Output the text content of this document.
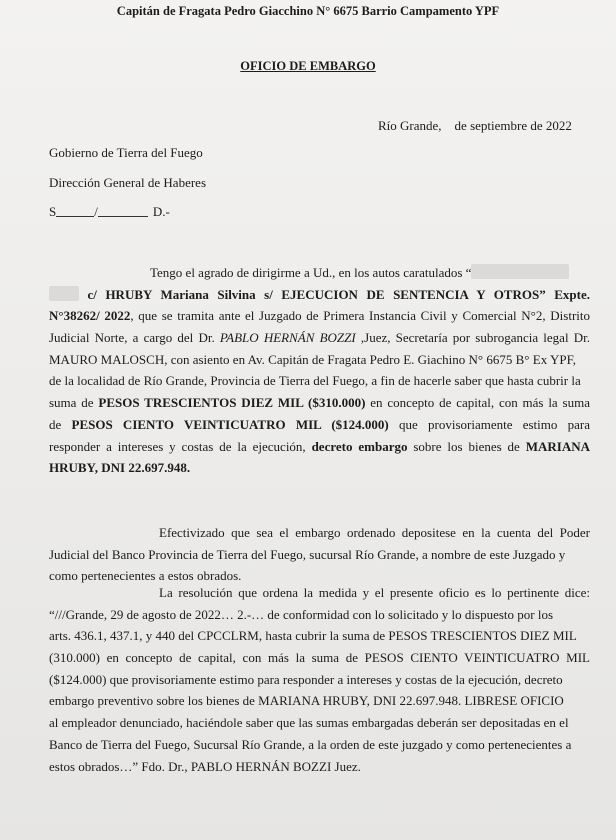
Capitán de Fragata Pedro Giacchino N° 6675 Barrio Campamento YPF
OFICIO DE EMBARGO
Río Grande, de septiembre de 2022
Gobierno de Tierra del Fuego
Dirección General de Haberes
S	/	D.-
Tengo el agrado de dirigirme a Ud., en los autos caratulados “
c/ HRUBY Mariana Silvina s/ EJECUCION DE SENTENCIA Y OTROS” Expte.
N°38262/ 2022, que se tramita ante el Juzgado de Primera Instancia Civil y Comercial N°2, Distrito
Judicial Norte, a cargo del Dr. PABLO HERNÁN BOZZI ,Juez, Secretaría por subrogancia legal Dr.
MAURO MALOSCH, con asiento en Av. Capitán de Fragata Pedro E. Giachino N° 6675 B° Ex YPF,
de la localidad de Río Grande, Provincia de Tierra del Fuego, a fin de hacerle saber que hasta cubrir la
suma de PESOS TRESCIENTOS DIEZ MIL ($310.000) en concepto de capital, con más la suma
de PESOS CIENTO VEINTICUATRO MIL ($124.000) que provisoriamente estimo para
responder a intereses y costas de la ejecución, decreto embargo sobre los bienes de MARIANA
HRUBY, DNI 22.697.948.
Efectivizado que sea el embargo ordenado depositese en la cuenta del Poder
Judicial del Banco Provincia de Tierra del Fuego, sucursal Río Grande, a nombre de este Juzgado y
como pertenecientes a estos obrados.
La resolución que ordena la medida y el presente oficio es lo pertinente dice:
“///Grande, 29 de agosto de 2022… 2.-… de conformidad con lo solicitado y lo dispuesto por los
arts. 436.1, 437.1, y 440 del CPCCLRM, hasta cubrir la suma de PESOS TRESCIENTOS DIEZ MIL
(310.000) en concepto de capital, con más la suma de PESOS CIENTO VEINTICUATRO MIL
($124.000) que provisoriamente estimo para responder a intereses y costas de la ejecución, decreto
embargo preventivo sobre los bienes de MARIANA HRUBY, DNI 22.697.948. LIBRESE OFICIO
al empleador denunciado, haciéndole saber que las sumas embargadas deberán ser depositadas en el
Banco de Tierra del Fuego, Sucursal Río Grande, a la orden de este juzgado y como pertenecientes a
estos obrados…” Fdo. Dr., PABLO HERNÁN BOZZI Juez.
